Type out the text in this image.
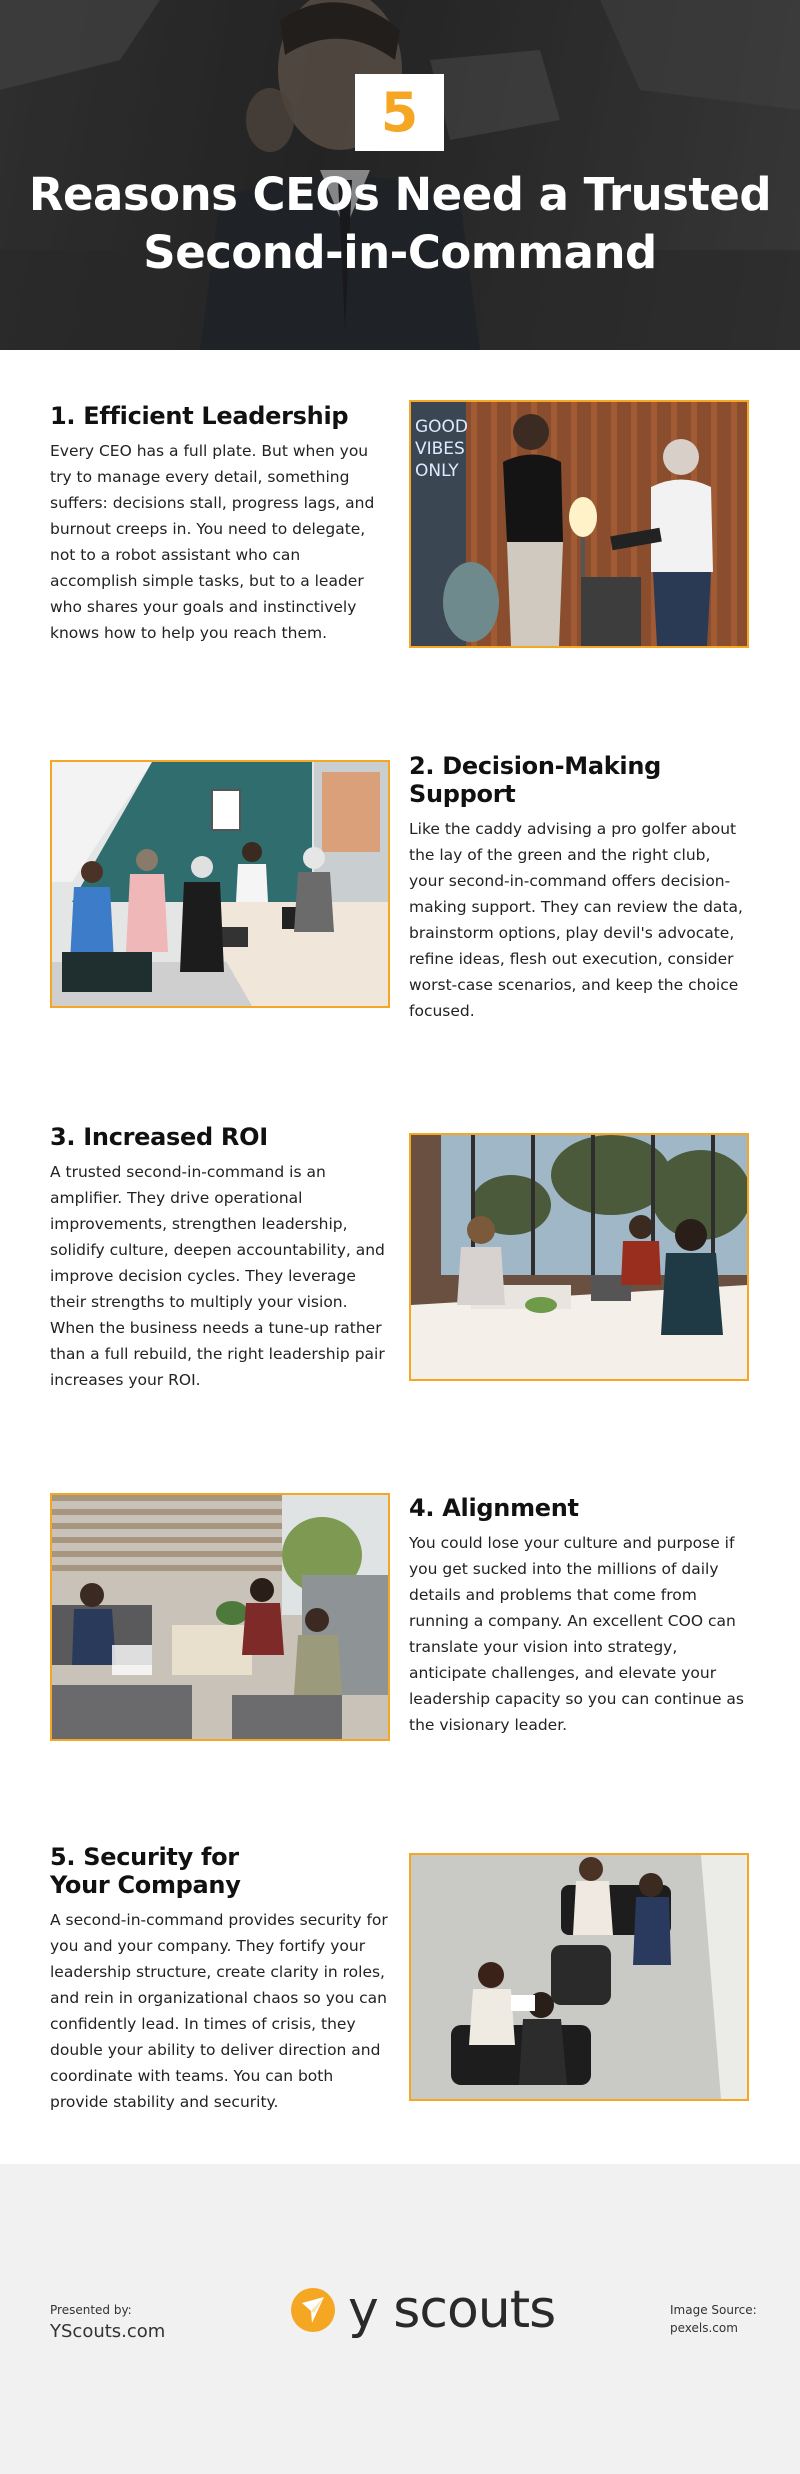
5
Reasons CEOs Need a Trusted
Second-in-Command
1. Efficient Leadership
Every CEO has a full plate. But when you try to manage every detail, something suffers: decisions stall, progress lags, and burnout creeps in. You need to delegate, not to a robot assistant who can accomplish simple tasks, but to a leader who shares your goals and instinctively knows how to help you reach them.
GOOD
VIBES
ONLY
2. Decision-Making
Support
Like the caddy advising a pro golfer about the lay of the green and the right club, your second-in-command offers decision-making support. They can review the data, brainstorm options, play devil's advocate, refine ideas, flesh out execution, consider worst-case scenarios, and keep the choice focused.
3. Increased ROI
A trusted second-in-command is an amplifier. They drive operational improvements, strengthen leadership, solidify culture, deepen accountability, and improve decision cycles. They leverage their strengths to multiply your vision. When the business needs a tune-up rather than a full rebuild, the right leadership pair increases your ROI.
4. Alignment
You could lose your culture and purpose if you get sucked into the millions of daily details and problems that come from running a company. An excellent COO can translate your vision into strategy, anticipate challenges, and elevate your leadership capacity so you can continue as the visionary leader.
5. Security for
Your Company
A second-in-command provides security for you and your company. They fortify your leadership structure, create clarity in roles, and rein in organizational chaos so you can confidently lead. In times of crisis, they double your ability to deliver direction and coordinate with teams. You can both provide stability and security.
Presented by:
YScouts.com	y scouts	Image Source:
pexels.com
